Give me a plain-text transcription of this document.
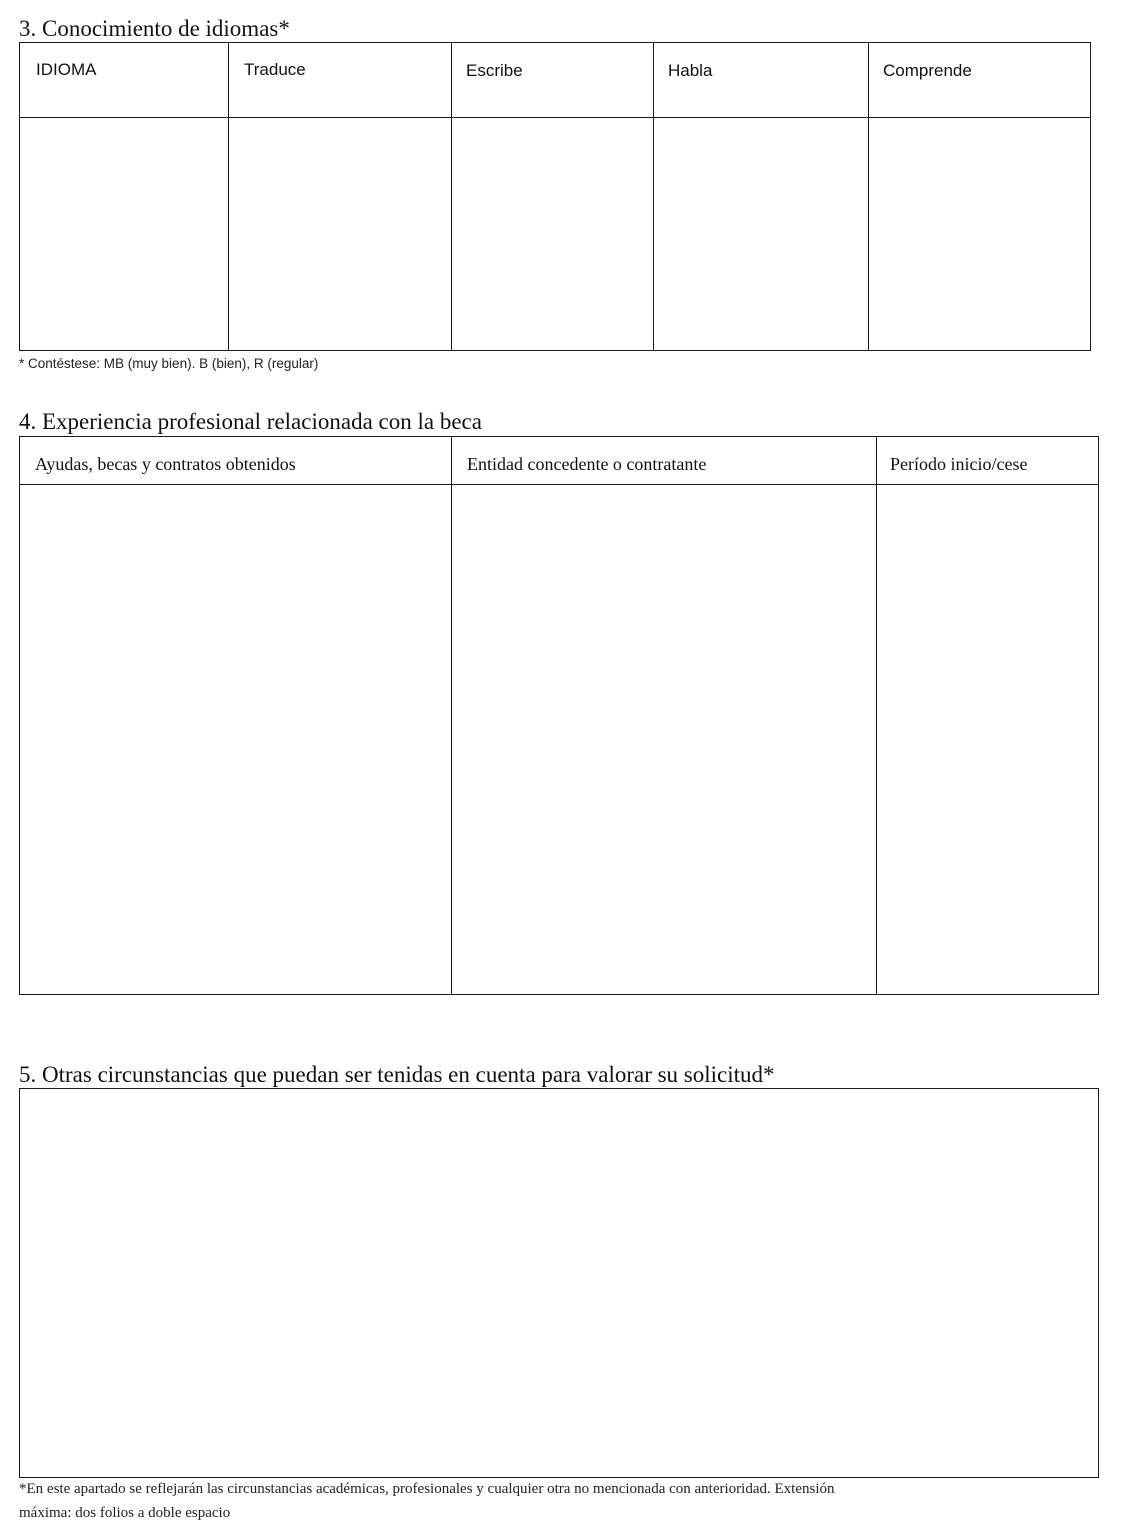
3. Conocimiento de idiomas*
IDIOMA	Traduce	Escribe	Habla	Comprende
* Contéstese: MB (muy bien). B (bien), R (regular)
4. Experiencia profesional relacionada con la beca
Ayudas, becas y contratos obtenidos	Entidad concedente o contratante	Período inicio/cese
5. Otras circunstancias que puedan ser tenidas en cuenta para valorar su solicitud*
*En este apartado se reflejarán las circunstancias académicas, profesionales y cualquier otra no mencionada con anterioridad. Extensión
máxima: dos folios a doble espacio
